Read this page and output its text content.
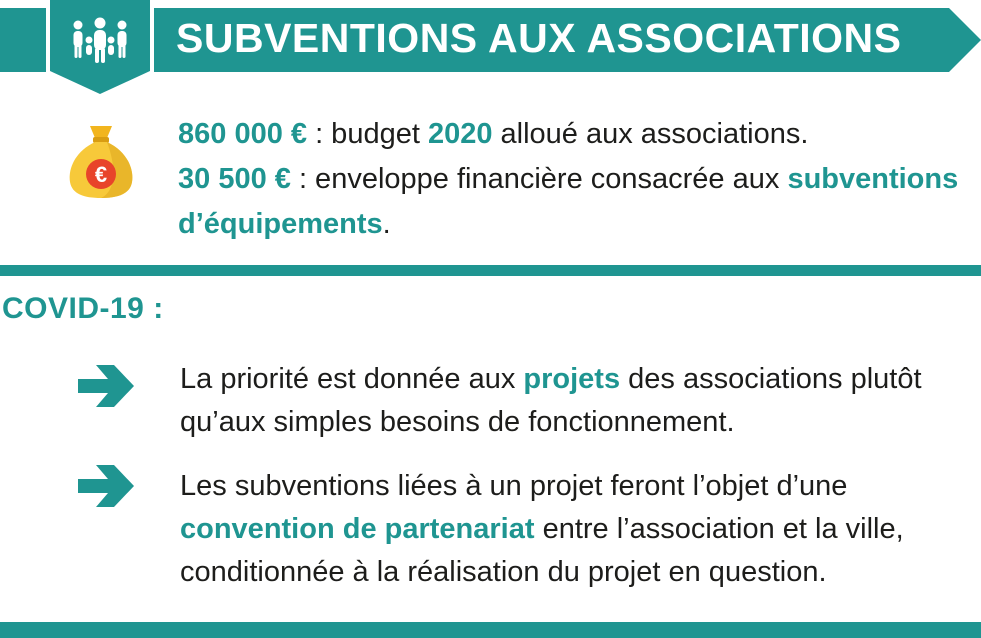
SUBVENTIONS AUX ASSOCIATIONS
€

860 000 € : budget 2020 alloué aux associations.

30 500 € : enveloppe financière consacrée aux subventions d’équipements.

COVID-19 :

La priorité est donnée aux projets des associations plutôt qu’aux simples besoins de fonctionnement.

Les subventions liées à un projet feront l’objet d’une convention de partenariat entre l’association et la ville, conditionnée à la réalisation du projet en question.
